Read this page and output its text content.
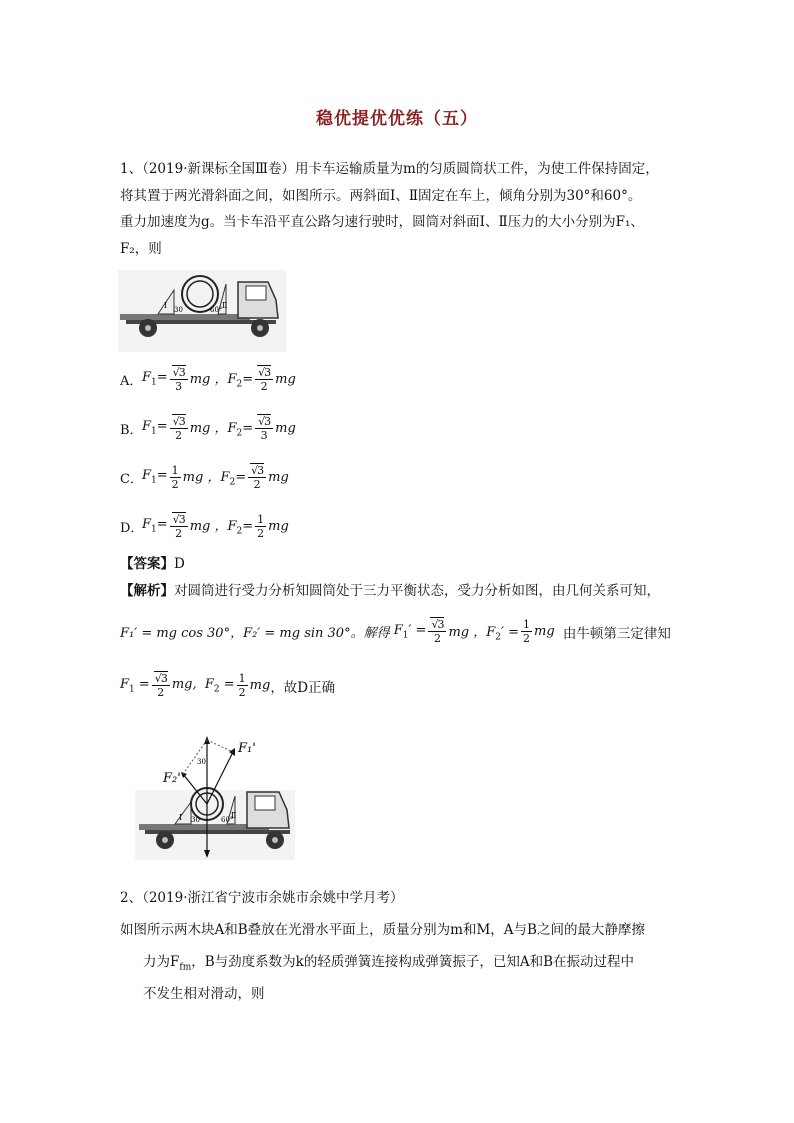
稳优提优优练（五）
1、（2019·新课标全国Ⅲ卷）用卡车运输质量为m的匀质圆筒状工件，为使工件保持固定，
将其置于两光滑斜面之间，如图所示。两斜面Ⅰ、Ⅱ固定在车上，倾角分别为30°和60°。
重力加速度为g。当卡车沿平直公路匀速行驶时，圆筒对斜面Ⅰ、Ⅱ压力的大小分别为F₁、
F₂，则
Ⅰ	Ⅱ
30	60°
A． $F_1=$ √ $\frac{3}{3}$ mg ，$F_2=$ √ $\frac{3}{2}$ mg
B． $F_1=$ √ $\frac{3}{2}$ mg ，$F_2=$ √ $\frac{3}{3}$ mg
C． $F_1= \frac{1}{2}$ mg ，$F_2=$ √ $\frac{3}{2}$ mg
D．
$F_1=$ √ $\frac{3}{2}$ mg ，$F_2= \frac{1}{2}$ mg
【答案】D
【解析】对圆筒进行受力分析知圆筒处于三力平衡状态，受力分析如图，由几何关系可知，
F₁′ = mg cos 30°， F₂′ = mg sin 30°。解得 $F_1'$ = √ $\frac{3}{2}$ mg ，$F_2' = \frac{1}{2}$ mg 由牛顿第三定律知
$F_1$ = √ $\frac{3}{2}$ mg,  $F_2 = \frac{1}{2}$ mg ，故D正确
30
F₁'
F₂'
Ⅰ	Ⅱ
30	60°
2、（2019·浙江省宁波市余姚市余姚中学月考）
如图所示两木块A和B叠放在光滑水平面上，质量分别为m和M，A与B之间的最大静摩擦
力为$F_{fm}$，B与劲度系数为k的轻质弹簧连接构成弹簧振子，已知A和B在振动过程中
不发生相对滑动，则
